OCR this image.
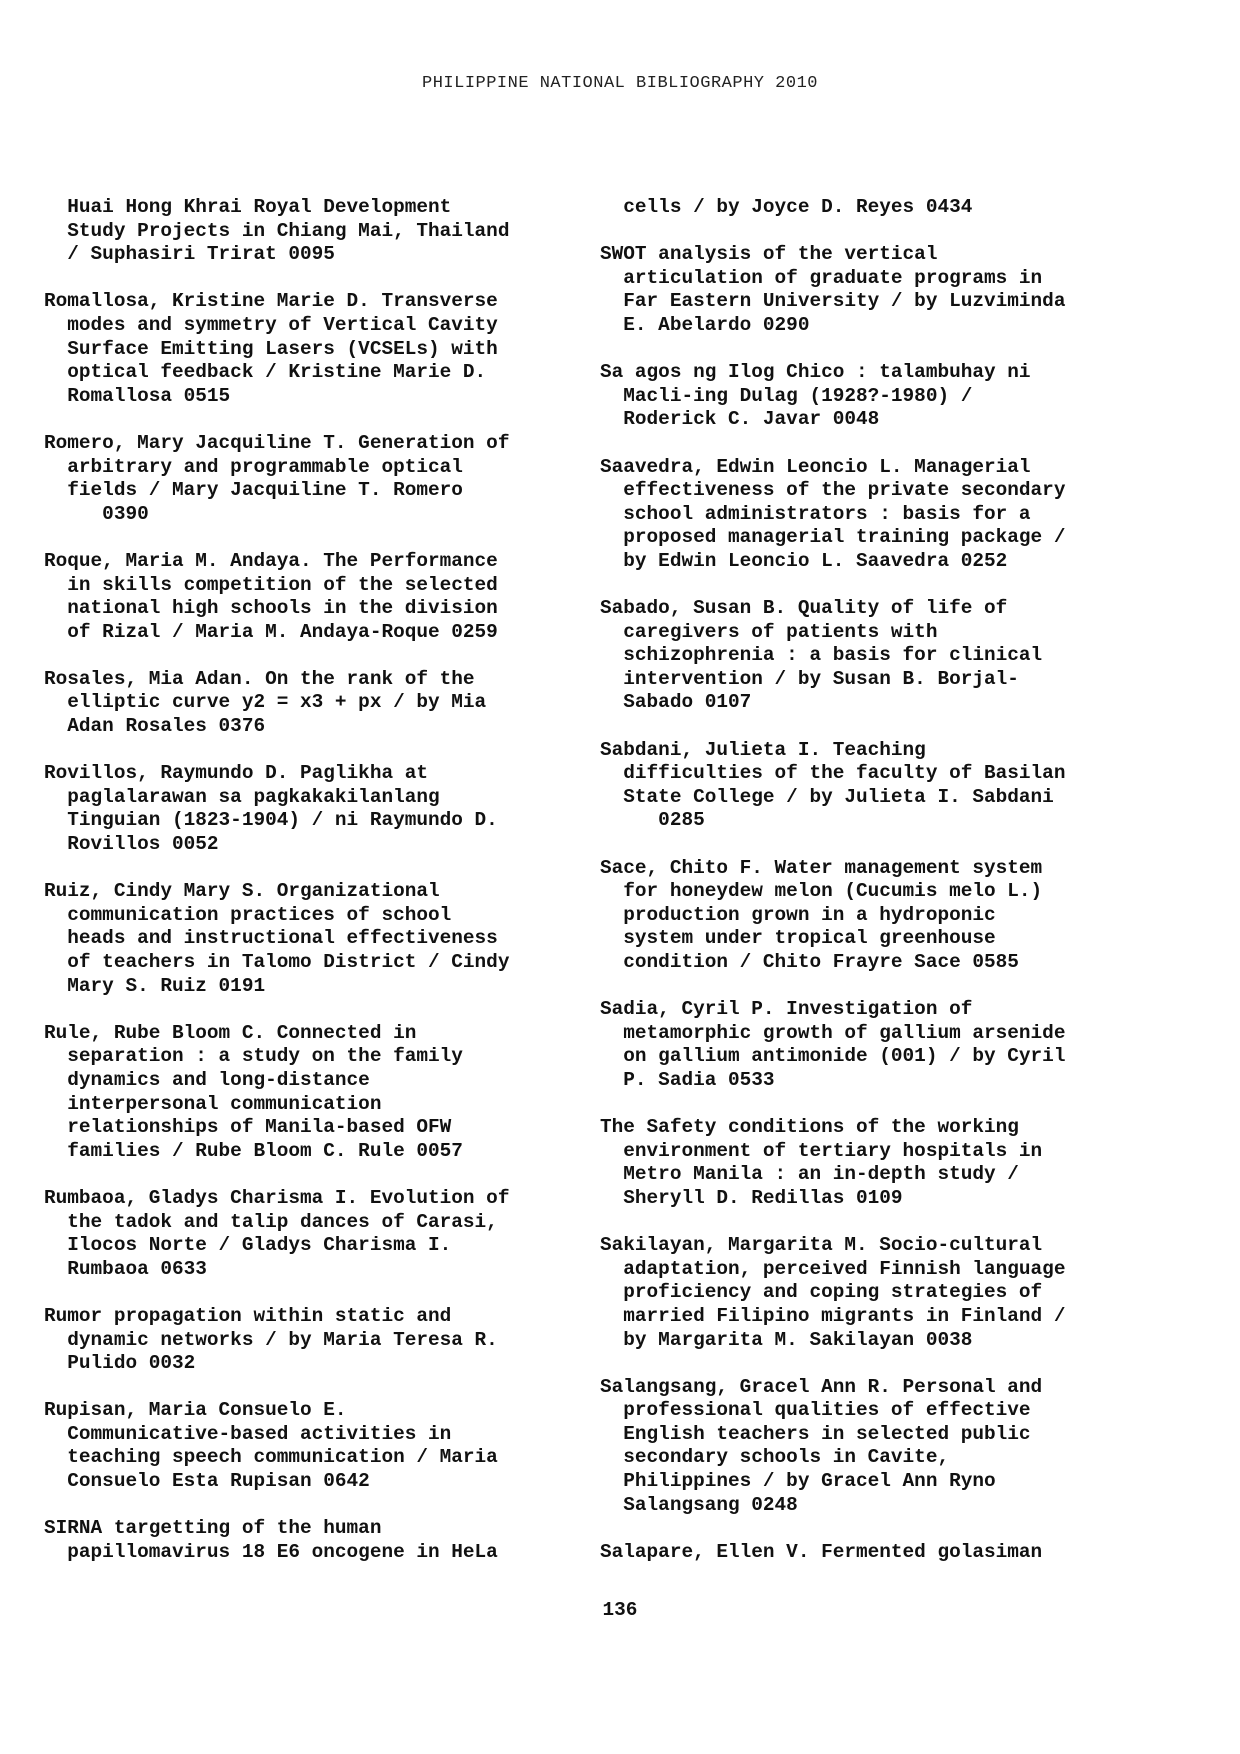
PHILIPPINE NATIONAL BIBLIOGRAPHY 2010

Huai Hong Khrai Royal Development
Study Projects in Chiang Mai, Thailand
/ Suphasiri Trirat 0095

Romallosa, Kristine Marie D. Transverse
modes and symmetry of Vertical Cavity
Surface Emitting Lasers (VCSELs) with
optical feedback / Kristine Marie D.
Romallosa 0515

Romero, Mary Jacquiline T. Generation of
arbitrary and programmable optical
fields / Mary Jacquiline T. Romero
0390

Roque, Maria M. Andaya. The Performance
in skills competition of the selected
national high schools in the division
of Rizal / Maria M. Andaya-Roque 0259

Rosales, Mia Adan. On the rank of the
elliptic curve y2 = x3 + px / by Mia
Adan Rosales 0376

Rovillos, Raymundo D. Paglikha at
paglalarawan sa pagkakakilanlang
Tinguian (1823-1904) / ni Raymundo D.
Rovillos 0052

Ruiz, Cindy Mary S. Organizational
communication practices of school
heads and instructional effectiveness
of teachers in Talomo District / Cindy
Mary S. Ruiz 0191

Rule, Rube Bloom C. Connected in
separation : a study on the family
dynamics and long-distance
interpersonal communication
relationships of Manila-based OFW
families / Rube Bloom C. Rule 0057

Rumbaoa, Gladys Charisma I. Evolution of
the tadok and talip dances of Carasi,
Ilocos Norte / Gladys Charisma I.
Rumbaoa 0633

Rumor propagation within static and
dynamic networks / by Maria Teresa R.
Pulido 0032

Rupisan, Maria Consuelo E.
Communicative-based activities in
teaching speech communication / Maria
Consuelo Esta Rupisan 0642

SIRNA targetting of the human
papillomavirus 18 E6 oncogene in HeLa

cells / by Joyce D. Reyes 0434

SWOT analysis of the vertical
articulation of graduate programs in
Far Eastern University / by Luzviminda
E. Abelardo 0290

Sa agos ng Ilog Chico : talambuhay ni
Macli-ing Dulag (1928?-1980) /
Roderick C. Javar 0048

Saavedra, Edwin Leoncio L. Managerial
effectiveness of the private secondary
school administrators : basis for a
proposed managerial training package /
by Edwin Leoncio L. Saavedra 0252

Sabado, Susan B. Quality of life of
caregivers of patients with
schizophrenia : a basis for clinical
intervention / by Susan B. Borjal-
Sabado 0107

Sabdani, Julieta I. Teaching
difficulties of the faculty of Basilan
State College / by Julieta I. Sabdani
0285

Sace, Chito F. Water management system
for honeydew melon (Cucumis melo L.)
production grown in a hydroponic
system under tropical greenhouse
condition / Chito Frayre Sace 0585

Sadia, Cyril P. Investigation of
metamorphic growth of gallium arsenide
on gallium antimonide (001) / by Cyril
P. Sadia 0533

The Safety conditions of the working
environment of tertiary hospitals in
Metro Manila : an in-depth study /
Sheryll D. Redillas 0109

Sakilayan, Margarita M. Socio-cultural
adaptation, perceived Finnish language
proficiency and coping strategies of
married Filipino migrants in Finland /
by Margarita M. Sakilayan 0038

Salangsang, Gracel Ann R. Personal and
professional qualities of effective
English teachers in selected public
secondary schools in Cavite,
Philippines / by Gracel Ann Ryno
Salangsang 0248

Salapare, Ellen V. Fermented golasiman

136
